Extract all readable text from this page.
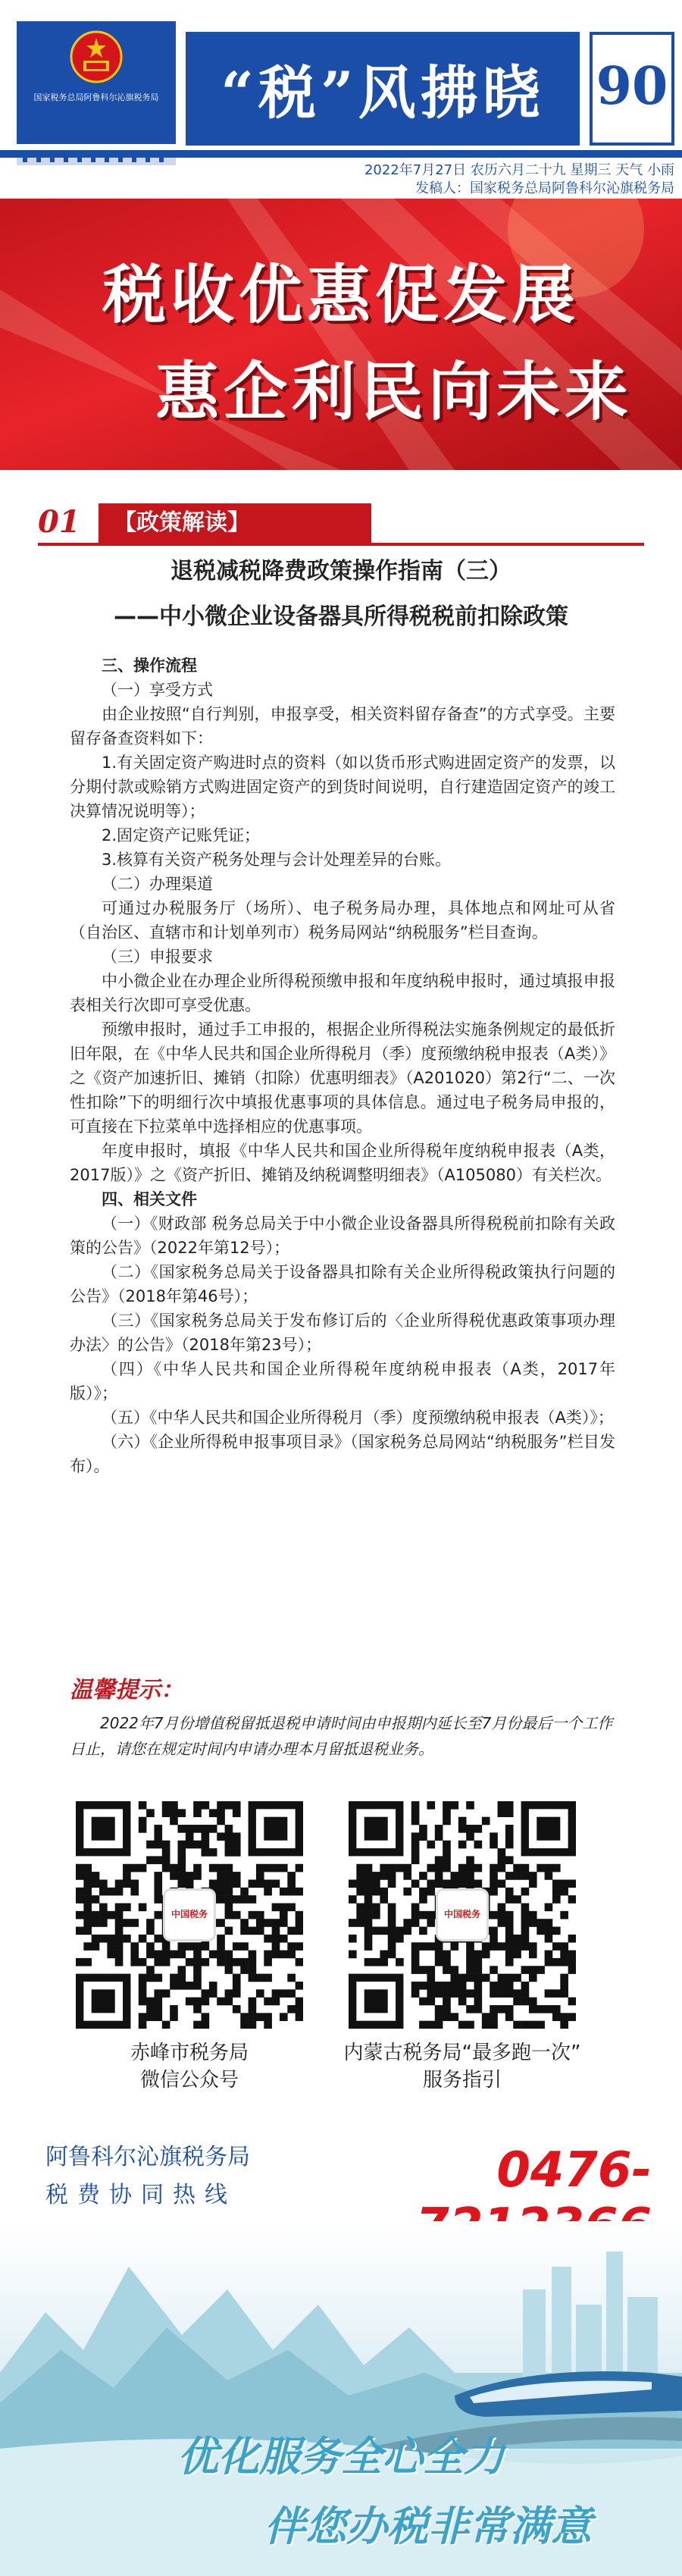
国家税务总局阿鲁科尔沁旗税务局	“税”风拂晓 90
2022年7月27日 农历六月二十九 星期三 天气 小雨
发稿人：国家税务总局阿鲁科尔沁旗税务局
税收优惠促发展
惠企利民向未来
01	【政策解读】
退税减税降费政策操作指南（三）
——中小微企业设备器具所得税税前扣除政策

三、操作流程

（一）享受方式

由企业按照“自行判别，申报享受，相关资料留存备查”的方式享受。主要留存备查资料如下：

1.有关固定资产购进时点的资料（如以货币形式购进固定资产的发票，以分期付款或赊销方式购进固定资产的到货时间说明，自行建造固定资产的竣工决算情况说明等）；

2.固定资产记账凭证；

3.核算有关资产税务处理与会计处理差异的台账。

（二）办理渠道

可通过办税服务厅（场所）、电子税务局办理，具体地点和网址可从省（自治区、直辖市和计划单列市）税务局网站“纳税服务”栏目查询。

（三）申报要求

中小微企业在办理企业所得税预缴申报和年度纳税申报时，通过填报申报表相关行次即可享受优惠。

预缴申报时，通过手工申报的，根据企业所得税法实施条例规定的最低折旧年限，在《中华人民共和国企业所得税月（季）度预缴纳税申报表（A类）》之《资产加速折旧、摊销（扣除）优惠明细表》（A201020）第2行“二、一次性扣除”下的明细行次中填报优惠事项的具体信息。通过电子税务局申报的，可直接在下拉菜单中选择相应的优惠事项。

年度申报时，填报《中华人民共和国企业所得税年度纳税申报表（A类，2017版）》之《资产折旧、摊销及纳税调整明细表》（A105080）有关栏次。

四、相关文件

（一）《财政部 税务总局关于中小微企业设备器具所得税税前扣除有关政策的公告》（2022年第12号）；

（二）《国家税务总局关于设备器具扣除有关企业所得税政策执行问题的公告》（2018年第46号）；

（三）《国家税务总局关于发布修订后的〈企业所得税优惠政策事项办理办法〉的公告》（2018年第23号）；

（四）《中华人民共和国企业所得税年度纳税申报表（A类，2017年版）》；

（五）《中华人民共和国企业所得税月（季）度预缴纳税申报表（A类）》；

（六）《企业所得税申报事项目录》（国家税务总局网站“纳税服务”栏目发布）。

温馨提示：
2022年7月份增值税留抵退税申请时间由申报期内延长至7月份最后一个工作日止，请您在规定时间内申请办理本月留抵退税业务。
中国税务	中国税务
赤峰市税务局
微信公众号
内蒙古税务局“最多跑一次”
服务指引
阿鲁科尔沁旗税务局
税费协同热线	0476-
优化服务全心全力
伴您办税非常满意
